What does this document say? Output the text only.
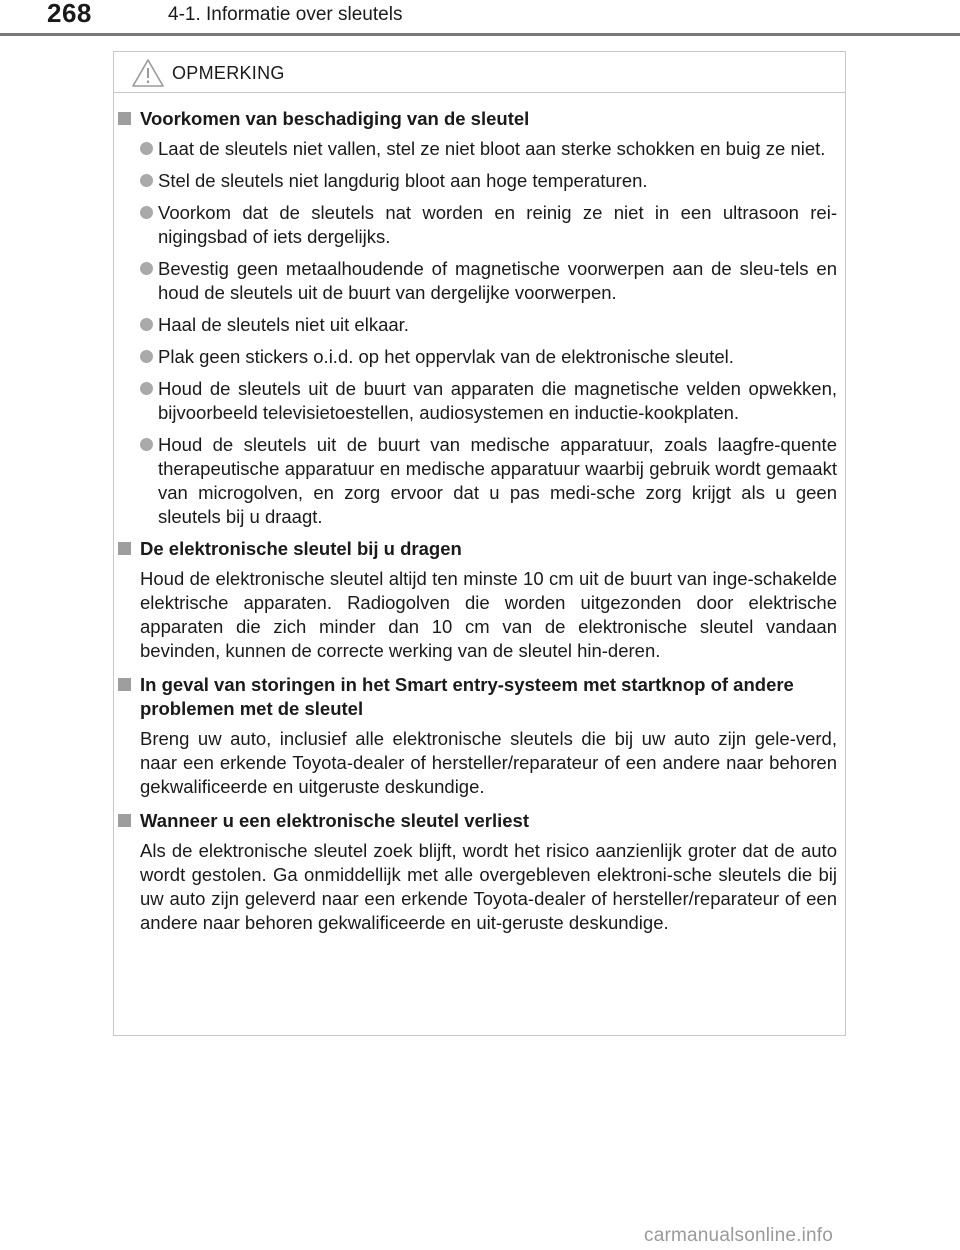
268	4-1. Informatie over sleutels
OPMERKING
Voorkomen van beschadiging van de sleutel
Laat de sleutels niet vallen, stel ze niet bloot aan sterke schokken en buig ze niet.
Stel de sleutels niet langdurig bloot aan hoge temperaturen.
Voorkom dat de sleutels nat worden en reinig ze niet in een ultrasoon rei-nigingsbad of iets dergelijks.
Bevestig geen metaalhoudende of magnetische voorwerpen aan de sleu-tels en houd de sleutels uit de buurt van dergelijke voorwerpen.
Haal de sleutels niet uit elkaar.
Plak geen stickers o.i.d. op het oppervlak van de elektronische sleutel.
Houd de sleutels uit de buurt van apparaten die magnetische velden opwekken, bijvoorbeeld televisietoestellen, audiosystemen en inductie-kookplaten.
Houd de sleutels uit de buurt van medische apparatuur, zoals laagfre-quente therapeutische apparatuur en medische apparatuur waarbij gebruik wordt gemaakt van microgolven, en zorg ervoor dat u pas medi-sche zorg krijgt als u geen sleutels bij u draagt.
De elektronische sleutel bij u dragen
Houd de elektronische sleutel altijd ten minste 10 cm uit de buurt van inge-schakelde elektrische apparaten. Radiogolven die worden uitgezonden door elektrische apparaten die zich minder dan 10 cm van de elektronische sleutel vandaan bevinden, kunnen de correcte werking van de sleutel hin-deren.
In geval van storingen in het Smart entry-systeem met startknop of andere problemen met de sleutel
Breng uw auto, inclusief alle elektronische sleutels die bij uw auto zijn gele-verd, naar een erkende Toyota-dealer of hersteller/reparateur of een andere naar behoren gekwalificeerde en uitgeruste deskundige.
Wanneer u een elektronische sleutel verliest
Als de elektronische sleutel zoek blijft, wordt het risico aanzienlijk groter dat de auto wordt gestolen. Ga onmiddellijk met alle overgebleven elektroni-sche sleutels die bij uw auto zijn geleverd naar een erkende Toyota-dealer of hersteller/reparateur of een andere naar behoren gekwalificeerde en uit-geruste deskundige.
carmanualsonline.info
